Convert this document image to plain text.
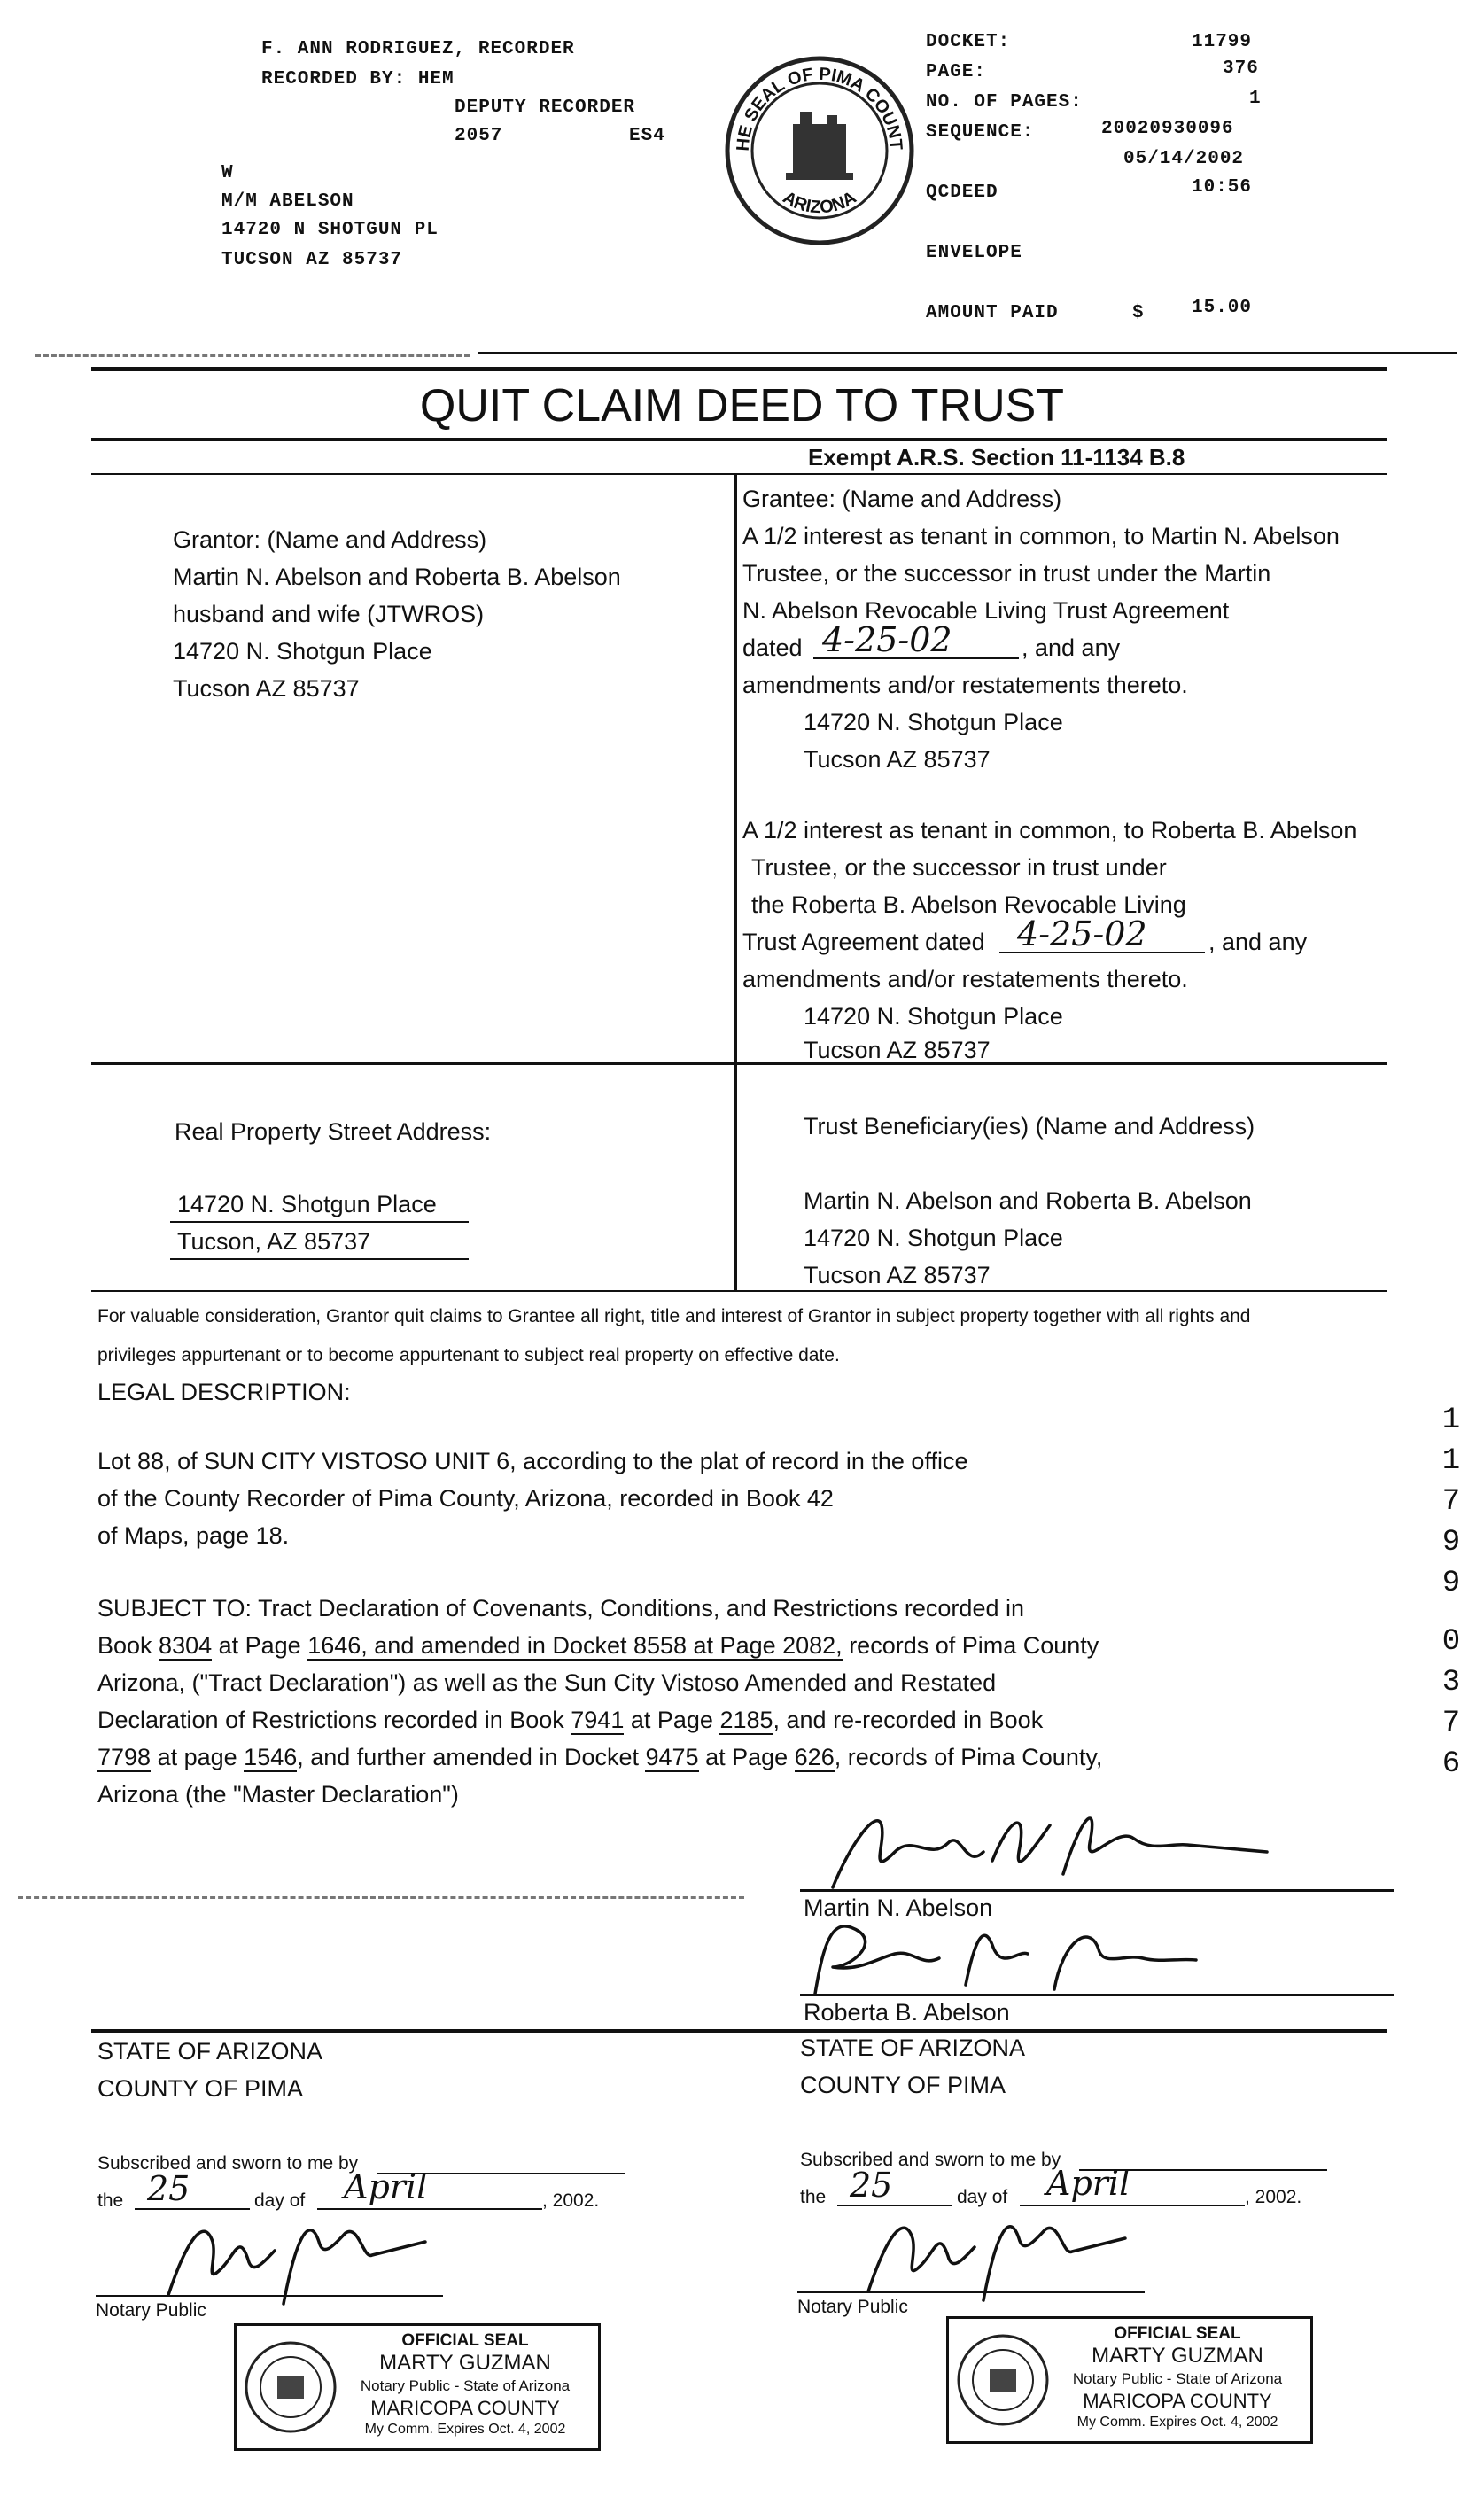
F. ANN RODRIGUEZ, RECORDER
RECORDED BY: HEM
DEPUTY RECORDER
2057	ES4
W
M/M ABELSON
14720 N SHOTGUN PL
TUCSON AZ 85737
HE SEAL OF PIMA COUNT
ARIZONA
DOCKET:	11799
PAGE:	376
NO. OF PAGES:	1
SEQUENCE:	20020930096
05/14/2002
QCDEED	10:56
ENVELOPE
AMOUNT PAID	$	15.00
QUIT CLAIM DEED TO TRUST
Exempt A.R.S. Section 11-1134 B.8
Grantor: (Name and Address)
Martin N. Abelson and Roberta B. Abelson
husband and wife (JTWROS)
14720 N. Shotgun Place
Tucson AZ 85737
Grantee: (Name and Address)
A 1/2 interest as tenant in common, to Martin N. Abelson
Trustee, or the successor in trust under the Martin
N. Abelson Revocable Living Trust Agreement
dated 4-25-02	, and any
amendments and/or restatements thereto.
14720 N. Shotgun Place
Tucson AZ 85737
A 1/2 interest as tenant in common, to Roberta B. Abelson
Trustee, or the successor in trust under
the Roberta B. Abelson Revocable Living
Trust Agreement dated 4-25-02	, and any
amendments and/or restatements thereto.
14720 N. Shotgun Place
Tucson AZ 85737
Real Property Street Address:
14720 N. Shotgun Place
Tucson, AZ 85737
Trust Beneficiary(ies) (Name and Address)
Martin N. Abelson and Roberta B. Abelson
14720 N. Shotgun Place
Tucson AZ 85737
For valuable consideration, Grantor quit claims to Grantee all right, title and interest of Grantor in subject property together with all rights and
privileges appurtenant or to become appurtenant to subject real property on effective date.
LEGAL DESCRIPTION:
Lot 88, of SUN CITY VISTOSO UNIT 6, according to the plat of record in the office
of the County Recorder of Pima County, Arizona, recorded in Book 42
of Maps, page 18.
SUBJECT TO: Tract Declaration of Covenants, Conditions, and Restrictions recorded in
Book 8304 at Page 1646, and amended in Docket 8558 at Page 2082, records of Pima County
Arizona, ("Tract Declaration") as well as the Sun City Vistoso Amended and Restated
Declaration of Restrictions recorded in Book 7941 at Page 2185, and re-recorded in Book
7798 at page 1546, and further amended in Docket 9475 at Page 626, records of Pima County,
Arizona (the "Master Declaration")
1
1
7
9
9
0
3
7
6
Martin N. Abelson
Roberta B. Abelson
STATE OF ARIZONA
COUNTY OF PIMA
Subscribed and sworn to me by
the 25	day of April	, 2002.
Notary Public
OFFICIAL SEAL
MARTY GUZMAN
Notary Public - State of Arizona
MARICOPA COUNTY
My Comm. Expires Oct. 4, 2002
STATE OF ARIZONA
COUNTY OF PIMA
Subscribed and sworn to me by
the 25	day of April	, 2002.
Notary Public
OFFICIAL SEAL
MARTY GUZMAN
Notary Public - State of Arizona
MARICOPA COUNTY
My Comm. Expires Oct. 4, 2002
